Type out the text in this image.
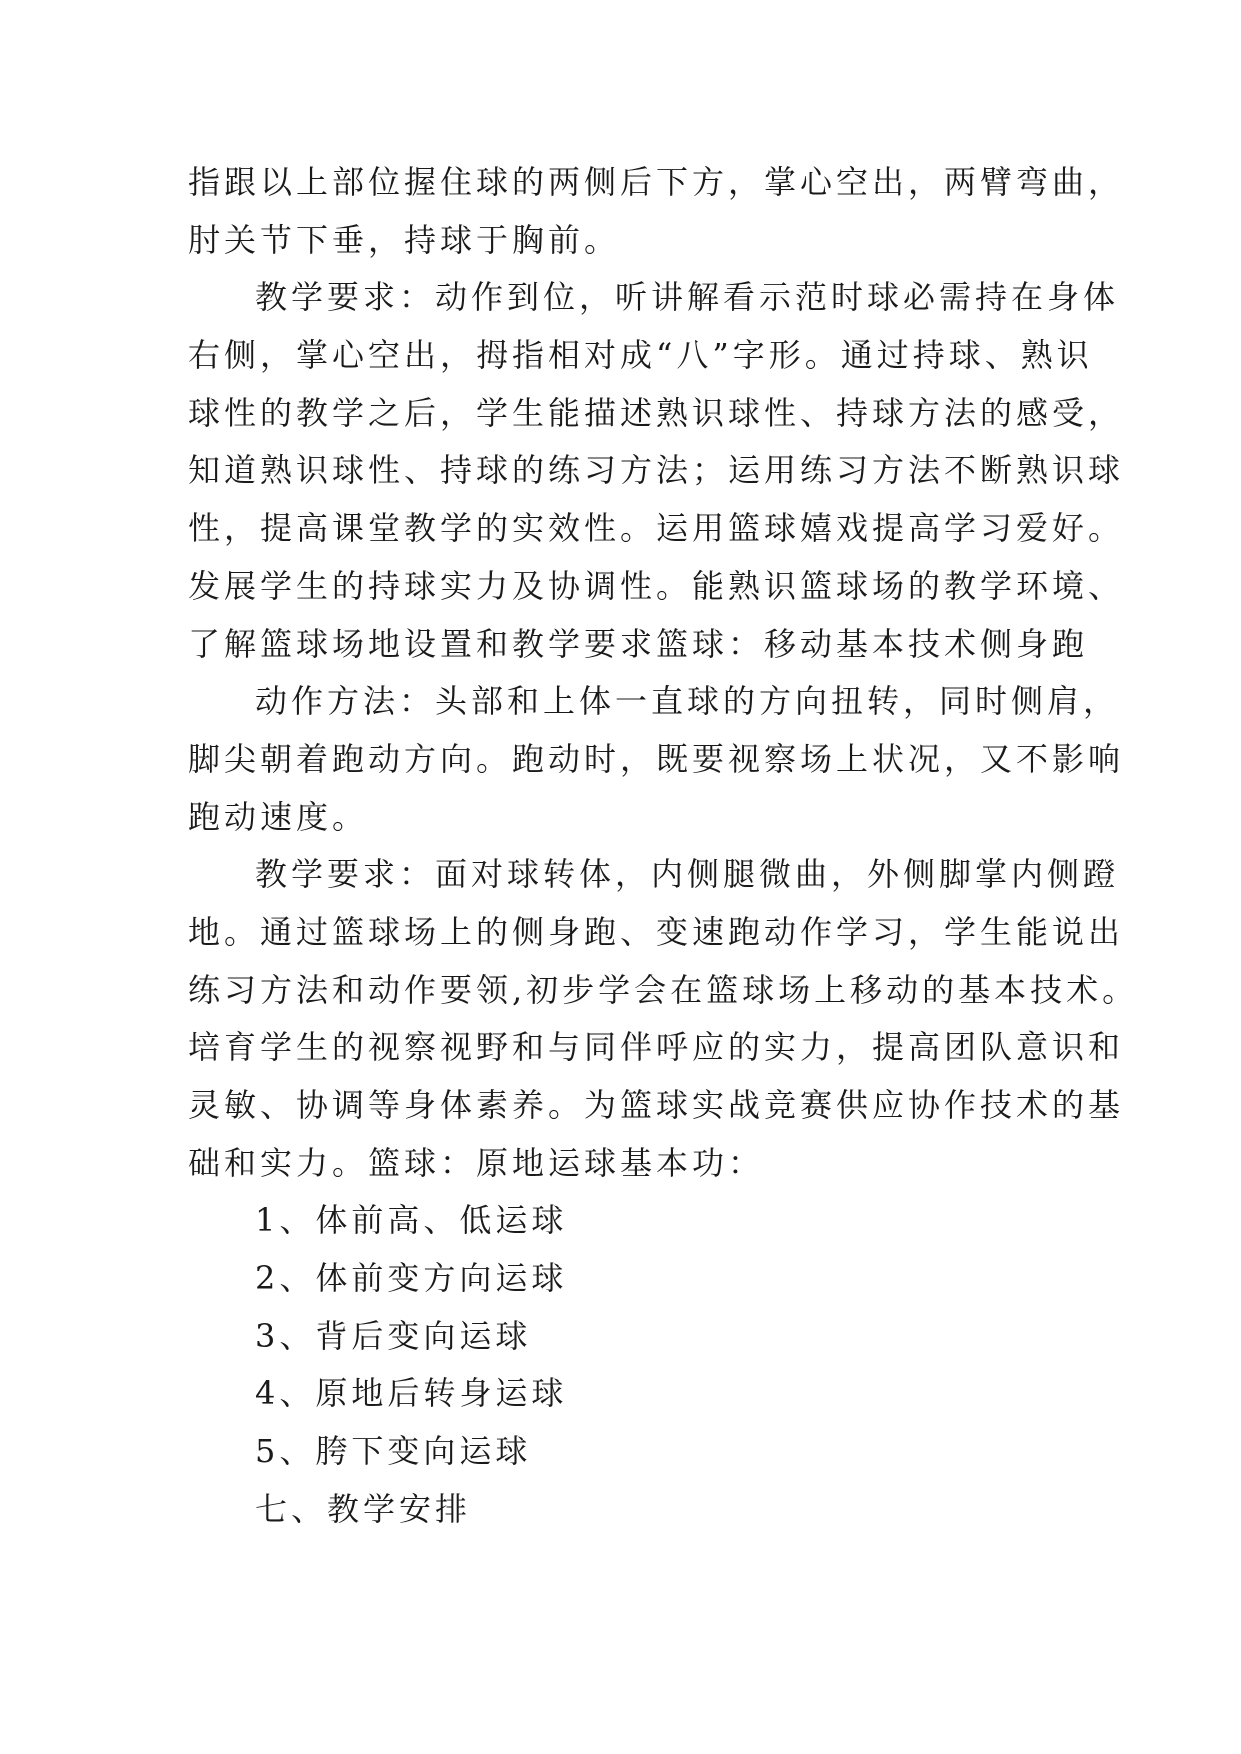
指跟以上部位握住球的两侧后下方，掌心空出，两臂弯曲，
肘关节下垂，持球于胸前。
教学要求：动作到位，听讲解看示范时球必需持在身体
右侧，掌心空出，拇指相对成“八”字形。通过持球、熟识
球性的教学之后，学生能描述熟识球性、持球方法的感受，
知道熟识球性、持球的练习方法；运用练习方法不断熟识球
性，提高课堂教学的实效性。运用篮球嬉戏提高学习爱好。
发展学生的持球实力及协调性。能熟识篮球场的教学环境、
了解篮球场地设置和教学要求篮球：移动基本技术侧身跑
动作方法：头部和上体一直球的方向扭转，同时侧肩，
脚尖朝着跑动方向。跑动时，既要视察场上状况，又不影响
跑动速度。
教学要求：面对球转体，内侧腿微曲，外侧脚掌内侧蹬
地。通过篮球场上的侧身跑、变速跑动作学习，学生能说出
练习方法和动作要领,初步学会在篮球场上移动的基本技术。
培育学生的视察视野和与同伴呼应的实力，提高团队意识和
灵敏、协调等身体素养。为篮球实战竞赛供应协作技术的基
础和实力。篮球：原地运球基本功：
1、体前高、低运球
2、体前变方向运球
3、背后变向运球
4、原地后转身运球
5、胯下变向运球
七、教学安排
